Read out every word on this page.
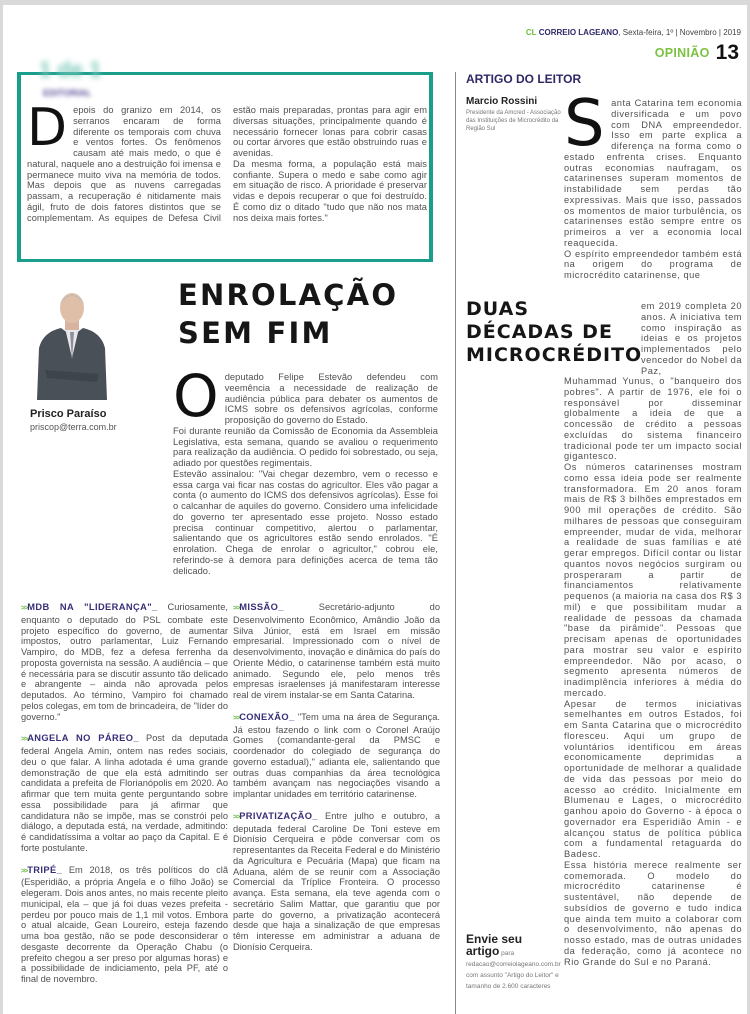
CL CORREIO LAGEANO, Sexta-feira, 1º | Novembro | 2019
OPINIÃO 13
1 de 1
EDITORIAL

Depois do granizo em 2014, os serranos encaram de forma diferente os temporais com chuva e ventos fortes. Os fenômenos causam até mais medo, o que é natural, naquele ano a destruição foi imensa e permanece muito viva na memória de todos. Mas depois que as nuvens carregadas passam, a recuperação é nitidamente mais ágil, fruto de dois fatores distintos que se complementam. As equipes de Defesa Civil estão mais preparadas, prontas para agir em diversas situações, principalmente quando é necessário fornecer lonas para cobrir casas ou cortar árvores que estão obstruindo ruas e avenidas.

Da mesma forma, a população está mais confiante. Supera o medo e sabe como agir em situação de risco. A prioridade é preservar vidas e depois recuperar o que foi destruído. É como diz o ditado "tudo que não nos mata nos deixa mais fortes."

Prisco Paraíso
priscop@terra.com.br
ENROLAÇÃO
SEM FIM

Odeputado Felipe Estevão defendeu com veemência a necessidade de realização de audiência pública para debater os aumentos de ICMS sobre os defensivos agrícolas, conforme proposição do governo do Estado.

Foi durante reunião da Comissão de Economia da Assembleia Legislativa, esta semana, quando se avaliou o requerimento para realização da audiência. O pedido foi sobrestado, ou seja, adiado por questões regimentais.

Estevão assinalou: "Vai chegar dezembro, vem o recesso e essa carga vai ficar nas costas do agricultor. Eles vão pagar a conta (o aumento do ICMS dos defensivos agrícolas). Esse foi o calcanhar de aquiles do governo. Considero uma infelicidade do governo ter apresentado esse projeto. Nosso estado precisa continuar competitivo, alertou o parlamentar, salientando que os agricultores estão sendo enrolados. "É enrolation. Chega de enrolar o agricultor," cobrou ele, referindo-se à demora para definições acerca de tema tão delicado.

>>MDB NA "LIDERANÇA"_ Curiosamente, enquanto o deputado do PSL combate este projeto específico do governo, de aumentar impostos, outro parlamentar, Luiz Fernando Vampiro, do MDB, fez a defesa ferrenha da proposta governista na sessão. A audiência – que é necessária para se discutir assunto tão delicado e abrangente – ainda não aprovada pelos deputados. Ao término, Vampiro foi chamado pelos colegas, em tom de brincadeira, de "líder do governo."

>>ANGELA NO PÁREO_ Post da deputada federal Angela Amin, ontem nas redes sociais, deu o que falar. A linha adotada é uma grande demonstração de que ela está admitindo ser candidata a prefeita de Florianópolis em 2020. Ao afirmar que tem muita gente perguntando sobre essa possibilidade para já afirmar que candidatura não se impõe, mas se constrói pelo diálogo, a deputada está, na verdade, admitindo: é candidatíssima a voltar ao paço da Capital. E é forte postulante.

>>TRIPÉ_ Em 2018, os três políticos do clã (Esperidião, a própria Angela e o filho João) se elegeram. Dois anos antes, no mais recente pleito municipal, ela – que já foi duas vezes prefeita - perdeu por pouco mais de 1,1 mil votos. Embora o atual alcaide, Gean Loureiro, esteja fazendo uma boa gestão, não se pode desconsiderar o desgaste decorrente da Operação Chabu (o prefeito chegou a ser preso por algumas horas) e a possibilidade de indiciamento, pela PF, até o final de novembro.

>>MISSÃO_ Secretário-adjunto do Desenvolvimento Econômico, Amândio João da Silva Júnior, está em Israel em missão empresarial. Impressionado com o nível de desenvolvimento, inovação e dinâmica do país do Oriente Médio, o catarinense também está muito animado. Segundo ele, pelo menos três empresas israelenses já manifestaram interesse real de virem instalar-se em Santa Catarina.

>>CONEXÃO_ "Tem uma na área de Segurança. Já estou fazendo o link com o Coronel Araújo Gomes (comandante-geral da PMSC e coordenador do colegiado de segurança do governo estadual)," adianta ele, salientando que outras duas companhias da área tecnológica também avançam nas negociações visando a implantar unidades em território catarinense.

>>PRIVATIZAÇÃO_ Entre julho e outubro, a deputada federal Caroline De Toni esteve em Dionísio Cerqueira e pôde conversar com os representantes da Receita Federal e do Ministério da Agricultura e Pecuária (Mapa) que ficam na Aduana, além de se reunir com a Associação Comercial da Tríplice Fronteira. O processo avança. Esta semana, ela teve agenda com o secretário Salim Mattar, que garantiu que por parte do governo, a privatização acontecerá desde que haja a sinalização de que empresas têm interesse em administrar a aduana de Dionísio Cerqueira.

ARTIGO DO LEITOR
Marcio Rossini
Presidente da Amcred - Associação das Instituições de Microcrédito da Região Sul	Santa Catarina tem economia diversificada e um povo com DNA empreendedor. Isso em parte explica a diferença na forma como o estado enfrenta crises. Enquanto outras economias naufragam, os catarinenses superam momentos de instabilidade sem perdas tão expressivas. Mais que isso, passados os momentos de maior turbulência, os catarinenses estão sempre entre os primeiros a ver a economia local reaquecida.

O espírito empreendedor também está na origem do programa de microcrédito catarinense, que

DUAS
DÉCADAS DE
MICROCRÉDITO
em 2019 completa 20 anos. A iniciativa tem como inspiração as ideias e os projetos implementados pelo vencedor do Nobel da Paz,

Muhammad Yunus, o "banqueiro dos pobres". A partir de 1976, ele foi o responsável por disseminar globalmente a ideia de que a concessão de crédito a pessoas excluídas do sistema financeiro tradicional pode ter um impacto social gigantesco.

Os números catarinenses mostram como essa ideia pode ser realmente transformadora. Em 20 anos foram mais de R$ 3 bilhões emprestados em 900 mil operações de crédito. São milhares de pessoas que conseguiram empreender, mudar de vida, melhorar a realidade de suas famílias e até gerar empregos. Difícil contar ou listar quantos novos negócios surgiram ou prosperaram a partir de financiamentos relativamente pequenos (a maioria na casa dos R$ 3 mil) e que possibilitam mudar a realidade de pessoas da chamada "base da pirâmide". Pessoas que precisam apenas de oportunidades para mostrar seu valor e espírito empreendedor. Não por acaso, o segmento apresenta números de inadimplência inferiores à média do mercado.

Apesar de termos iniciativas semelhantes em outros Estados, foi em Santa Catarina que o microcrédito floresceu. Aqui um grupo de voluntários identificou em áreas economicamente deprimidas a oportunidade de melhorar a qualidade de vida das pessoas por meio do acesso ao crédito. Inicialmente em Blumenau e Lages, o microcrédito ganhou apoio do Governo - à época o governador era Esperidião Amin - e alcançou status de política pública com a fundamental retaguarda do Badesc.

Essa história merece realmente ser comemorada. O modelo do microcrédito catarinense é sustentável, não depende de subsídios de governo e tudo indica que ainda tem muito a colaborar com o desenvolvimento, não apenas do nosso estado, mas de outras unidades da federação, como já acontece no Rio Grande do Sul e no Paraná.

Envie seu
artigo para redacao@correiolageano.com.br com assunto "Artigo do Leitor" e tamanho de 2.600 caracteres
